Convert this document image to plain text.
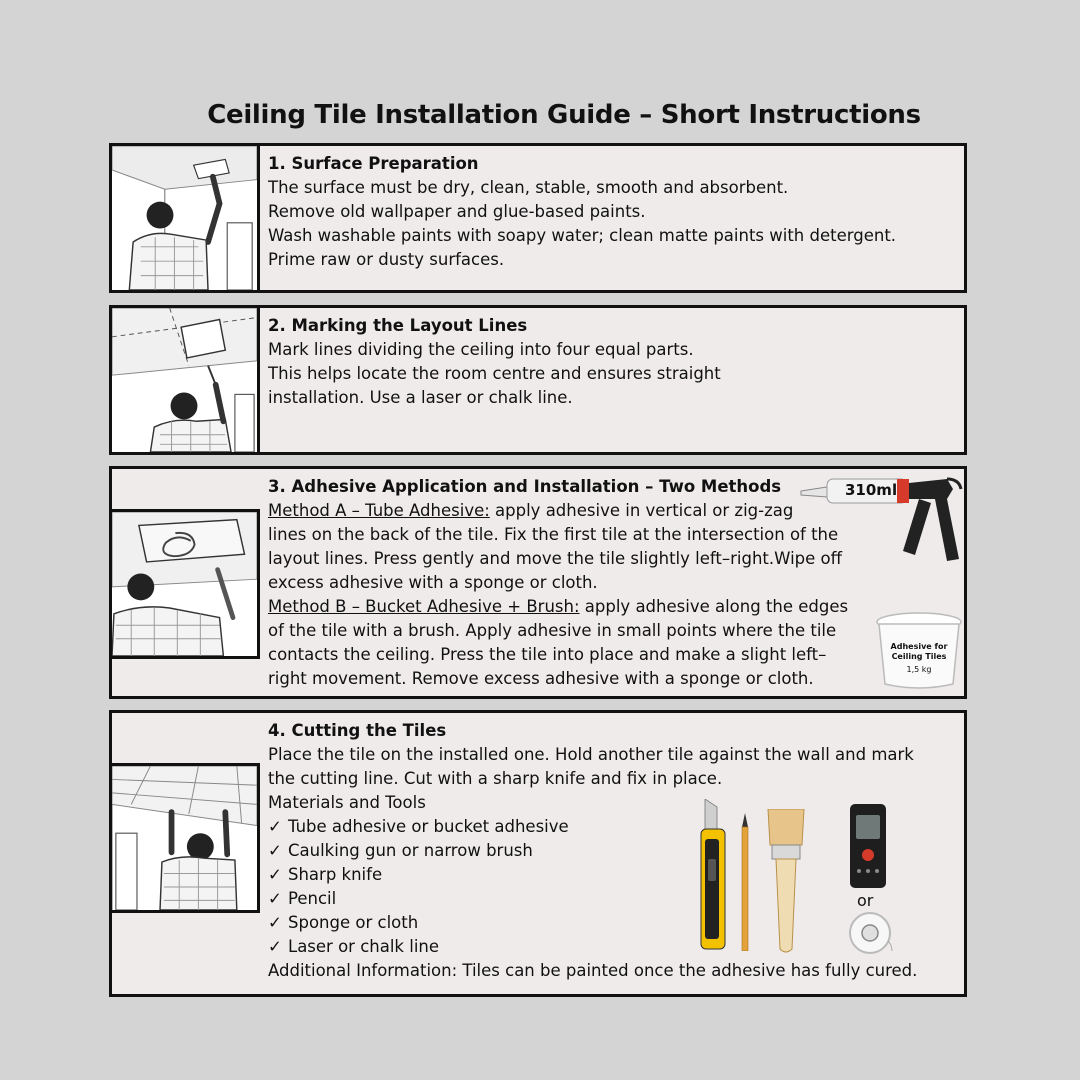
Ceiling Tile Installation Guide – Short Instructions
1. Surface Preparation

The surface must be dry, clean, stable, smooth and absorbent.

Remove old wallpaper and glue-based paints.

Wash washable paints with soapy water; clean matte paints with detergent.

Prime raw or dusty surfaces.

2. Marking the Layout Lines

Mark lines dividing the ceiling into four equal parts.

This helps locate the room centre and ensures straight

installation. Use a laser or chalk line.

3. Adhesive Application and Installation – Two Methods

Method A – Tube Adhesive: apply adhesive in vertical or zig-zag

lines on the back of the tile. Fix the first tile at the intersection of the

layout lines. Press gently and move the tile slightly left–right.Wipe off

excess adhesive with a sponge or cloth.

Method B – Bucket Adhesive + Brush: apply adhesive along the edges

of the tile with a brush. Apply adhesive in small points where the tile

contacts the ceiling. Press the tile into place and make a slight left–

right movement. Remove excess adhesive with a sponge or cloth.

310ml
Adhesive for
Ceiling Tiles
1,5 kg
4. Cutting the Tiles

Place the tile on the installed one. Hold another tile against the wall and mark

the cutting line. Cut with a sharp knife and fix in place.

Materials and Tools

✓ Tube adhesive or bucket adhesive

✓ Caulking gun or narrow brush

✓ Sharp knife

✓ Pencil

✓ Sponge or cloth

✓ Laser or chalk line

Additional Information: Tiles can be painted once the adhesive has fully cured.

or
